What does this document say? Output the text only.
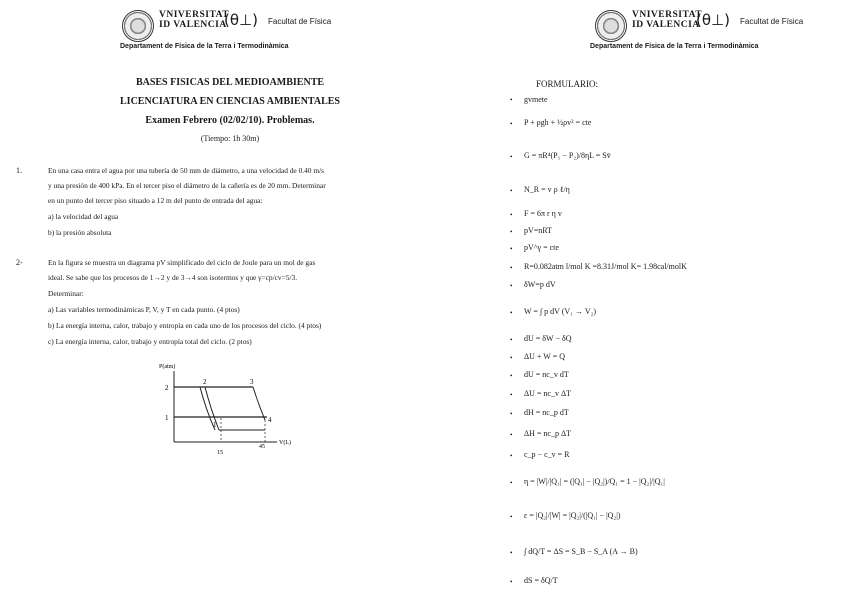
VNIVERSITAT
ID VALENCIA
(θ⊥) Facultat de Física
Departament de Física de la Terra i Termodinàmica
BASES FISICAS DEL MEDIOAMBIENTE
LICENCIATURA EN CIENCIAS AMBIENTALES
Examen Febrero (02/02/10). Problemas.
(Tiempo: 1h 30m)
1.	En una casa entra el agua por una tubería de 50 mm de diámetro, a una velocidad de 0.40 m/s
y una presión de 400 kPa. En el tercer piso el diámetro de la cañería es de 20 mm. Determinar
en un punto del tercer piso situado a 12 m del punto de entrada del agua:
a) la velocidad del agua
b) la presión absoluta
2-	En la figura se muestra un diagrama pV simplificado del ciclo de Joule para un mol de gas
ideal. Se sabe que los procesos de 1→2 y de 3→4 son isotermos y que γ=cp/cv=5/3.
Determinar:
a) Las variables termodinámicas P, V, y T en cada punto. (4 ptos)
b) La energía interna, calor, trabajo y entropía en cada uno de los procesos del ciclo. (4 ptos)
c) La energía interna, calor, trabajo y entropía total del ciclo. (2 ptos)
P(atm)
V(L)
2
1
2	3
1
4
15
45
VNIVERSITAT
ID VALENCIA
(θ⊥) Facultat de Física
Departament de Física de la Terra i Termodinàmica
FORMULARIO:
• gvmete
• P + ρgh + ½ρv² = cte
• G = πR⁴(P₁ − P₂)/8ηL = Sv̄
• N_R = v ρ ℓ/η
• F = 6π r η v
• pV=nRT
• pV^γ = cte
• R=0.082atm l/mol K =8.31J/mol K= 1.98cal/molK
• δW=p dV
• W = ∫ p dV (V₁ → V₂)
• dU = δW − δQ
• ΔU + W = Q
• dU = nc_v dT
• ΔU = nc_v ΔT
• dH = nc_p dT
• ΔH = nc_p ΔT
• c_p − c_v = R
• η = |W|/|Q₁| = (|Q₁| − |Q₂|)/Q₁ = 1 − |Q₂|/|Q₁|
• ε = |Q₂|/|W| = |Q₂|/(|Q₁| − |Q₂|)
• ∫ dQ/T = ΔS = S_B − S_A (A → B)
• dS = δQ/T
